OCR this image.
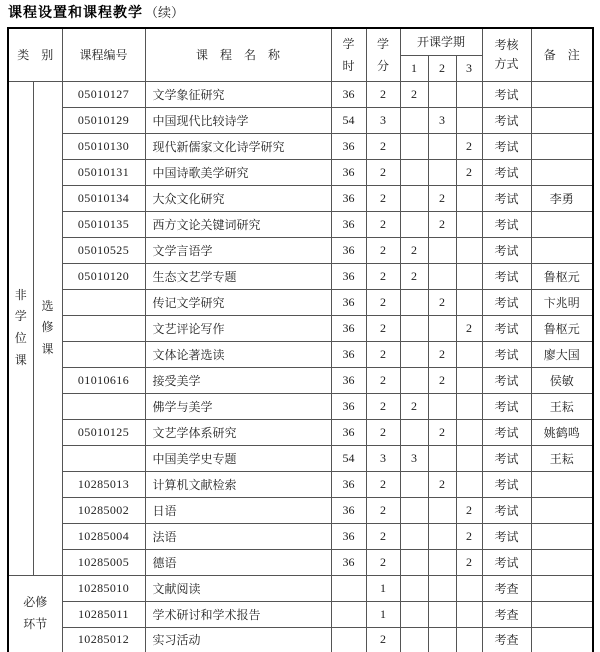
课程设置和课程教学 （续）
类　别		课程编号	课　程　名　称	学时	学分	开课学期			考核方式	备　注
						1	2	3		

非学位课	选修课	05010127	文学象征研究	36	2	2			考试	
		05010129	中国现代比较诗学	54	3		3		考试	
		05010130	现代新儒家文化诗学研究	36	2			2	考试	
		05010131	中国诗歌美学研究	36	2			2	考试	
		05010134	大众文化研究	36	2		2		考试	李勇
		05010135	西方文论关键词研究	36	2		2		考试	
		05010525	文学言语学	36	2	2			考试	
		05010120	生态文艺学专题	36	2	2			考试	鲁枢元
			传记文学研究	36	2		2		考试	卞兆明
			文艺评论写作	36	2			2	考试	鲁枢元
			文体论著选读	36	2		2		考试	廖大国
		01010616	接受美学	36	2		2		考试	侯敏
			佛学与美学	36	2	2			考试	王耘
		05010125	文艺学体系研究	36	2		2		考试	姚鹤鸣
			中国美学史专题	54	3	3			考试	王耘
		10285013	计算机文献检索	36	2		2		考试	
		10285002	日语	36	2			2	考试	
		10285004	法语	36	2			2	考试	
		10285005	德语	36	2			2	考试	

必修环节		10285010	文献阅读		1				考查	
		10285011	学术研讨和学术报告		1				考查	
		10285012	实习活动		2				考查	
